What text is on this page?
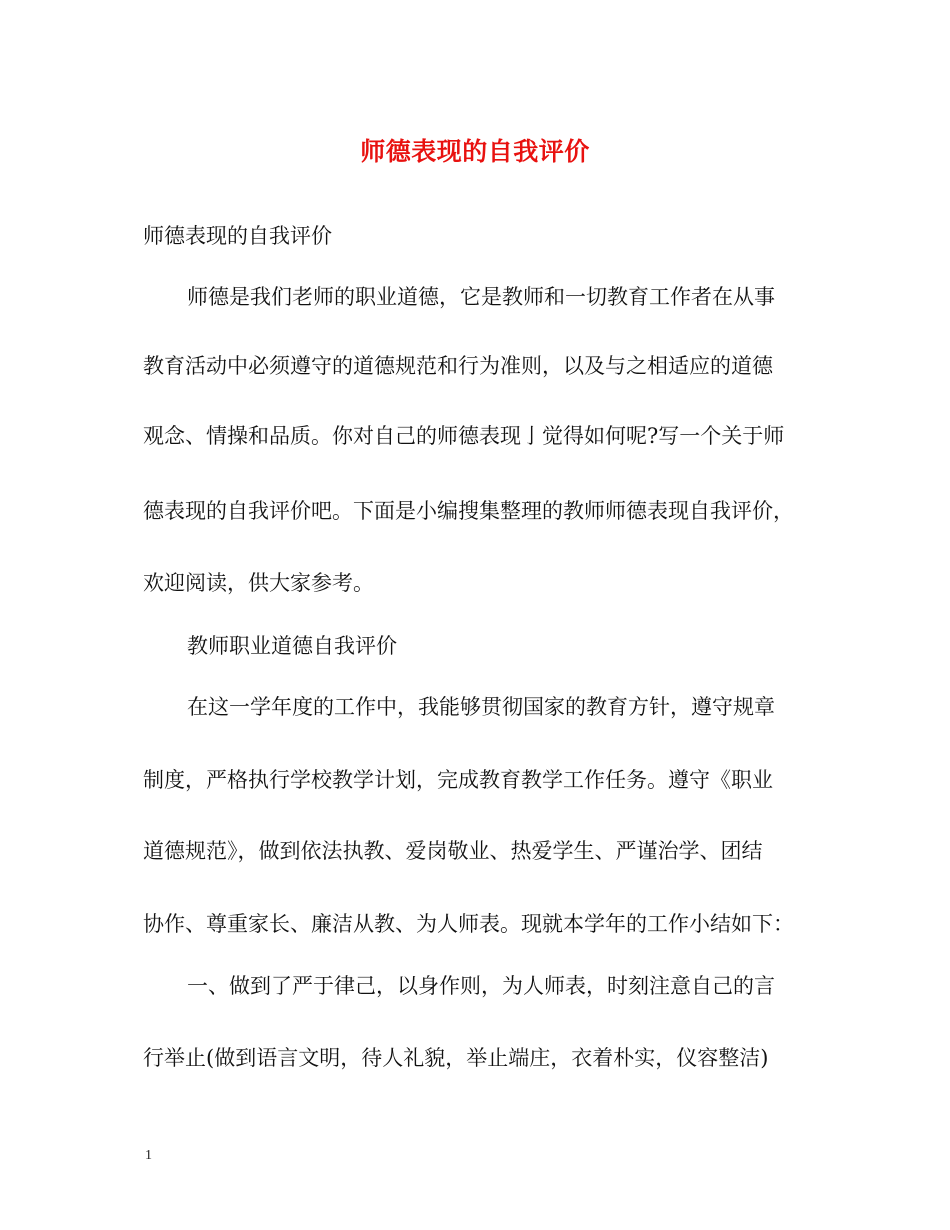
师德表现的自我评价
师德表现的自我评价
师德是我们老师的职业道德，它是教师和一切教育工作者在从事
教育活动中必须遵守的道德规范和行为准则，以及与之相适应的道德
观念、情操和品质。你对自己的师德表现亅觉得如何呢?写一个关于师
德表现的自我评价吧。下面是小编搜集整理的教师师德表现自我评价，
欢迎阅读，供大家参考。
教师职业道德自我评价
在这一学年度的工作中，我能够贯彻国家的教育方针，遵守规章
制度，严格执行学校教学计划，完成教育教学工作任务。遵守《职业
道德规范》，做到依法执教、爱岗敬业、热爱学生、严谨治学、团结
协作、尊重家长、廉洁从教、为人师表。现就本学年的工作小结如下：
一、做到了严于律己，以身作则，为人师表，时刻注意自己的言
行举止(做到语言文明，待人礼貌，举止端庄，衣着朴实，仪容整洁)
1
